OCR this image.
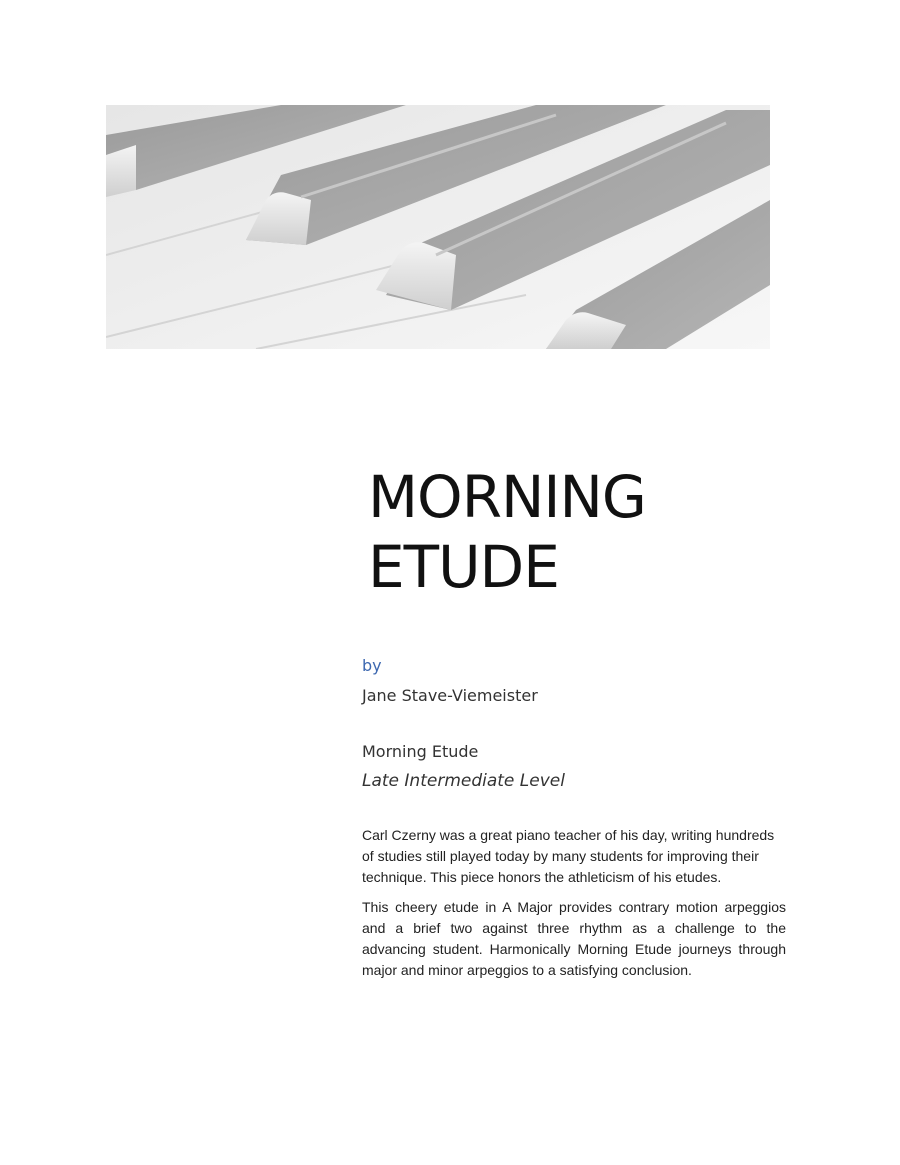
MORNING
ETUDE
by
Jane Stave-Viemeister
Morning Etude
Late Intermediate Level

Carl Czerny was a great piano teacher of his day, writing hundreds of studies still played today by many students for improving their technique. This piece honors the athleticism of his etudes.

This cheery etude in A Major provides contrary motion arpeggios and a brief two against three rhythm as a challenge to the advancing student. Harmonically Morning Etude journeys through major and minor arpeggios to a satisfying conclusion.
